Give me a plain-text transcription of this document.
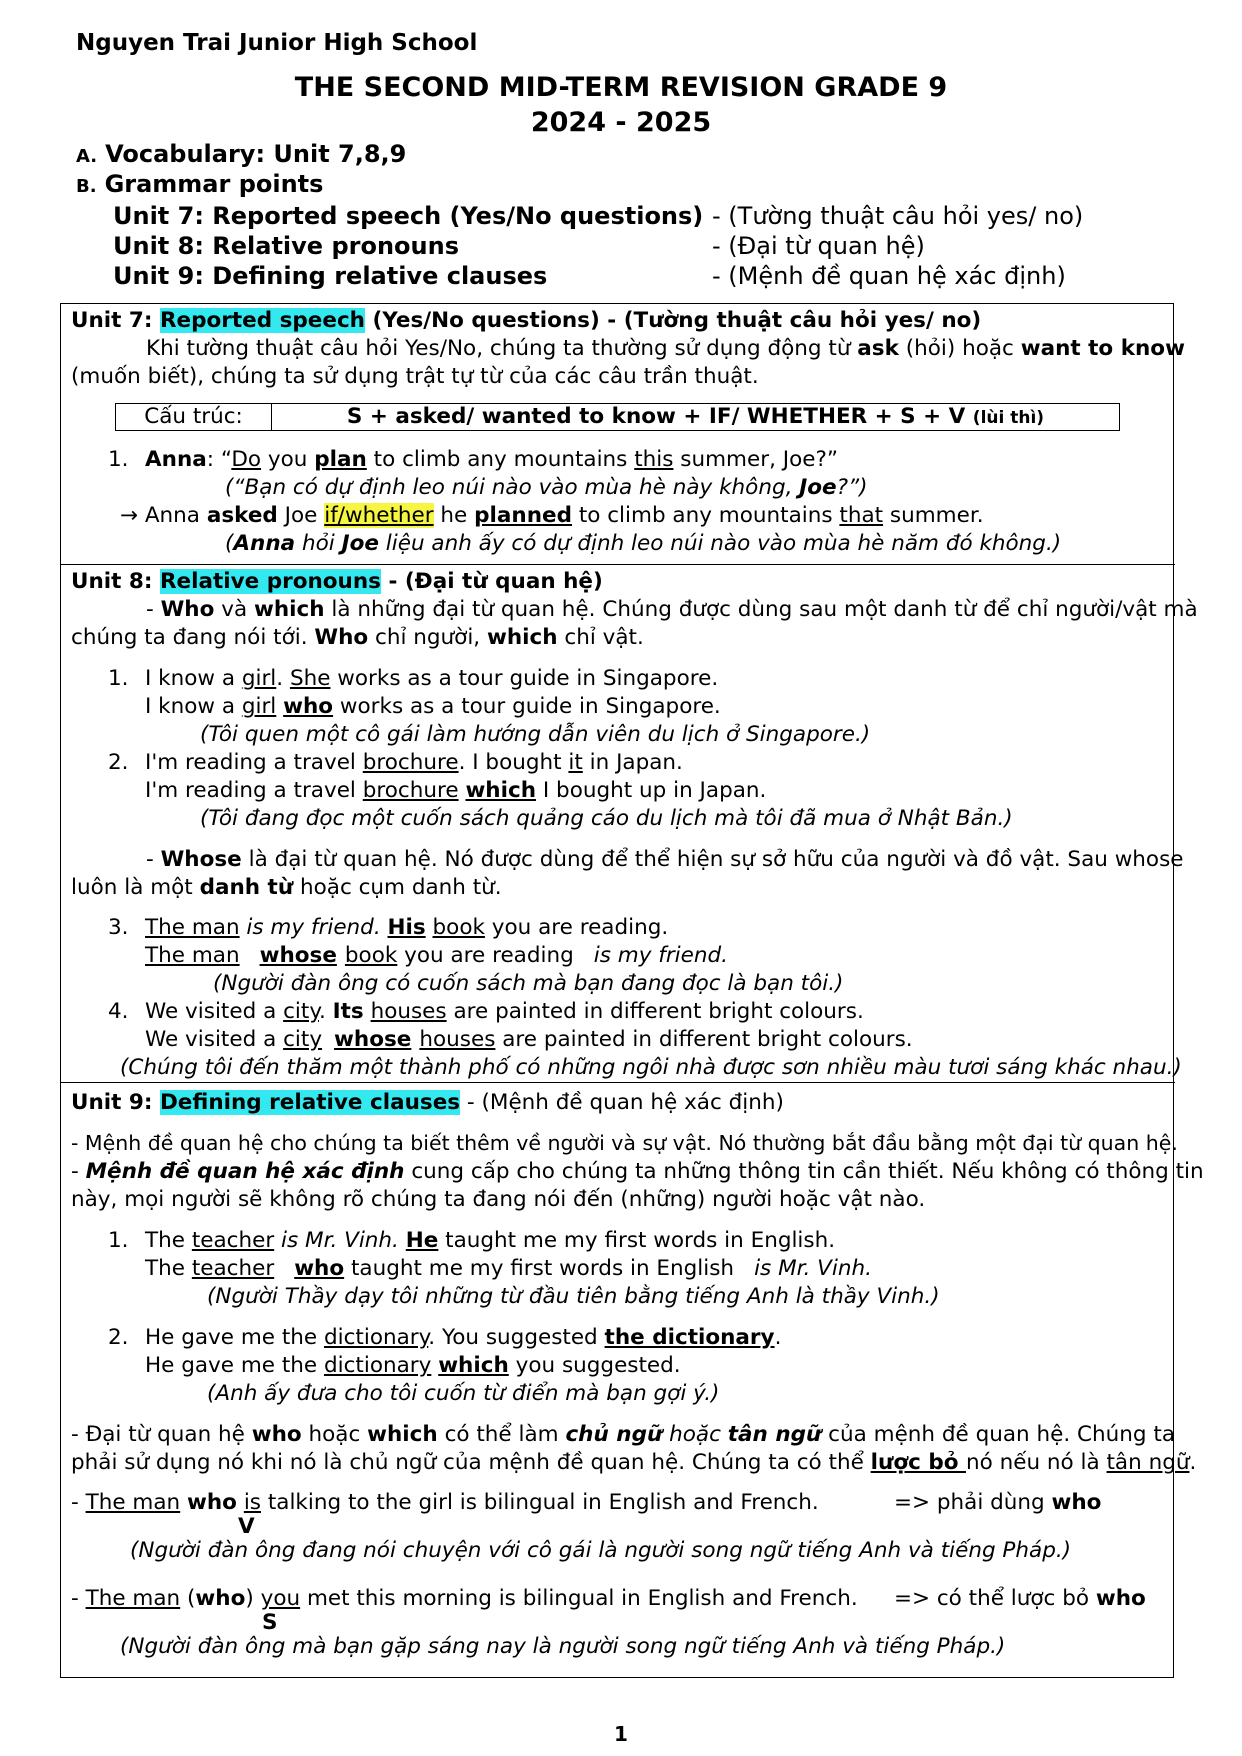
Nguyen Trai Junior High School
THE SECOND MID-TERM REVISION GRADE 9
2024 - 2025
A. Vocabulary: Unit 7,8,9
B. Grammar points
Unit 7: Reported speech (Yes/No questions) - (Tường thuật câu hỏi yes/ no)
Unit 8: Relative pronouns	- (Đại từ quan hệ)
Unit 9: Defining relative clauses	- (Mệnh đề quan hệ xác định)
Unit 7: Reported speech (Yes/No questions) - (Tường thuật câu hỏi yes/ no)
Khi tường thuật câu hỏi Yes/No, chúng ta thường sử dụng động từ ask (hỏi) hoặc want to know
(muốn biết), chúng ta sử dụng trật tự từ của các câu trần thuật.
Cấu trúc:	S + asked/ wanted to know + IF/ WHETHER + S + V (lùi thì)
1. Anna: “Do you plan to climb any mountains this summer, Joe?”
(“Bạn có dự định leo núi nào vào mùa hè này không, Joe?”)
→ Anna asked Joe if/whether he planned to climb any mountains that summer.
(Anna hỏi Joe liệu anh ấy có dự định leo núi nào vào mùa hè năm đó không.)
Unit 8: Relative pronouns - (Đại từ quan hệ)
- Who và which là những đại từ quan hệ. Chúng được dùng sau một danh từ để chỉ người/vật mà
chúng ta đang nói tới. Who chỉ người, which chỉ vật.
1. I know a girl. She works as a tour guide in Singapore.
I know a girl who works as a tour guide in Singapore.
(Tôi quen một cô gái làm hướng dẫn viên du lịch ở Singapore.)
2. I'm reading a travel brochure. I bought it in Japan.
I'm reading a travel brochure which I bought up in Japan.
(Tôi đang đọc một cuốn sách quảng cáo du lịch mà tôi đã mua ở Nhật Bản.)
- Whose là đại từ quan hệ. Nó được dùng để thể hiện sự sở hữu của người và đồ vật. Sau whose
luôn là một danh từ hoặc cụm danh từ.
3. The man is my friend. His book you are reading.
The man whose book you are reading is my friend.
(Người đàn ông có cuốn sách mà bạn đang đọc là bạn tôi.)
4. We visited a city. Its houses are painted in different bright colours.
We visited a city whose houses are painted in different bright colours.
(Chúng tôi đến thăm một thành phố có những ngôi nhà được sơn nhiều màu tươi sáng khác nhau.)
Unit 9: Defining relative clauses - (Mệnh đề quan hệ xác định)
- Mệnh đề quan hệ cho chúng ta biết thêm về người và sự vật. Nó thường bắt đầu bằng một đại từ quan hệ.
- Mệnh đề quan hệ xác định cung cấp cho chúng ta những thông tin cần thiết. Nếu không có thông tin
này, mọi người sẽ không rõ chúng ta đang nói đến (những) người hoặc vật nào.
1. The teacher is Mr. Vinh. He taught me my first words in English.
The teacher who taught me my first words in English is Mr. Vinh.
(Người Thầy dạy tôi những từ đầu tiên bằng tiếng Anh là thầy Vinh.)
2. He gave me the dictionary. You suggested the dictionary.
He gave me the dictionary which you suggested.
(Anh ấy đưa cho tôi cuốn từ điển mà bạn gợi ý.)
- Đại từ quan hệ who hoặc which có thể làm chủ ngữ hoặc tân ngữ của mệnh đề quan hệ. Chúng ta
phải sử dụng nó khi nó là chủ ngữ của mệnh đề quan hệ. Chúng ta có thể lược bỏ nó nếu nó là tân ngữ.
- The man who is talking to the girl is bilingual in English and French.	=> phải dùng who
V
(Người đàn ông đang nói chuyện với cô gái là người song ngữ tiếng Anh và tiếng Pháp.)
- The man (who) you met this morning is bilingual in English and French. => có thể lược bỏ who
S
(Người đàn ông mà bạn gặp sáng nay là người song ngữ tiếng Anh và tiếng Pháp.)
1
